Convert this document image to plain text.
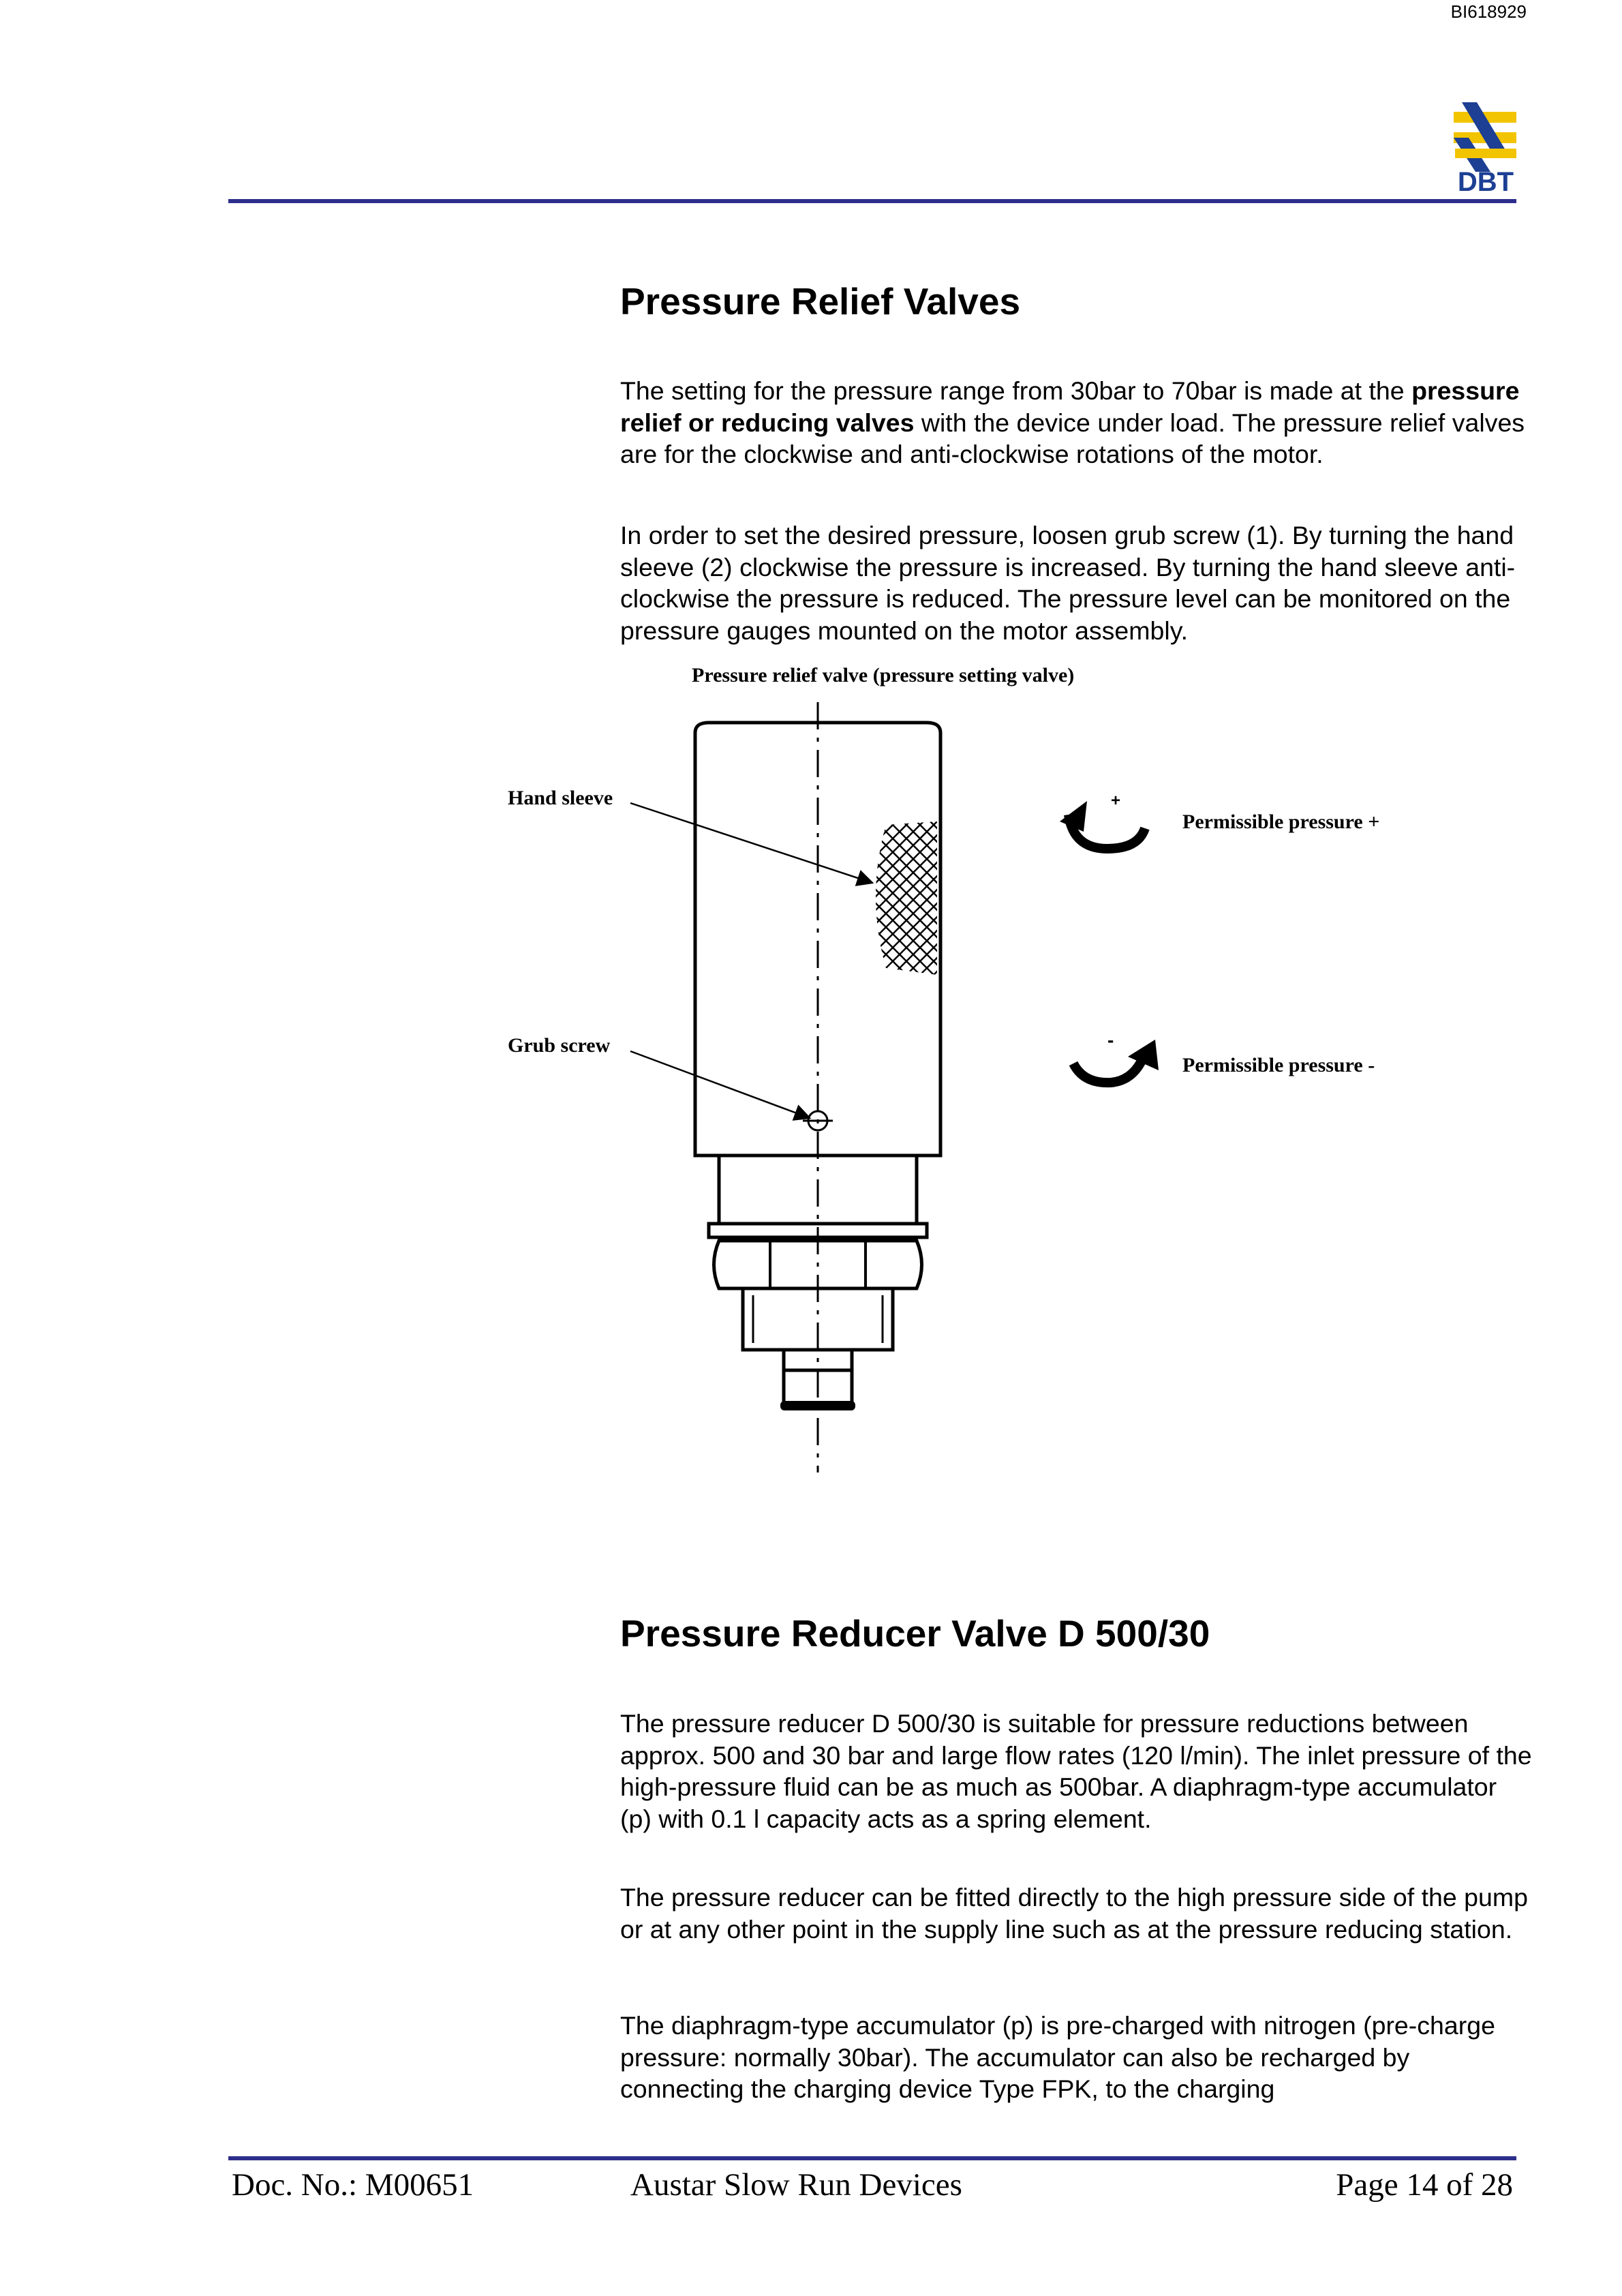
BI618929
DBT
Pressure Relief Valves

The setting for the pressure range from 30bar to 70bar is made at the pressure relief or reducing valves with the device under load. The pressure relief valves are for the clockwise and anti-clockwise rotations of the motor.

In order to set the desired pressure, loosen grub screw (1). By turning the hand sleeve (2) clockwise the pressure is increased. By turning the hand sleeve anti-clockwise the pressure is reduced. The pressure level can be monitored on the pressure gauges mounted on the motor assembly.

Pressure relief valve (pressure setting valve)
Hand sleeve
Grub screw
+
Permissible pressure +
-
Permissible pressure -
Pressure Reducer Valve D 500/30

The pressure reducer D 500/30 is suitable for pressure reductions between approx. 500 and 30 bar and large flow rates (120 l/min). The inlet pressure of the high-pressure fluid can be as much as 500bar. A diaphragm-type accumulator (p) with 0.1 l capacity acts as a spring element.

The pressure reducer can be fitted directly to the high pressure side of the pump or at any other point in the supply line such as at the pressure reducing station.

The diaphragm-type accumulator (p) is pre-charged with nitrogen (pre-charge pressure: normally 30bar). The accumulator can also be recharged by connecting the charging device Type FPK, to the charging

Doc. No.: M00651	Austar Slow Run Devices	Page 14 of 28
